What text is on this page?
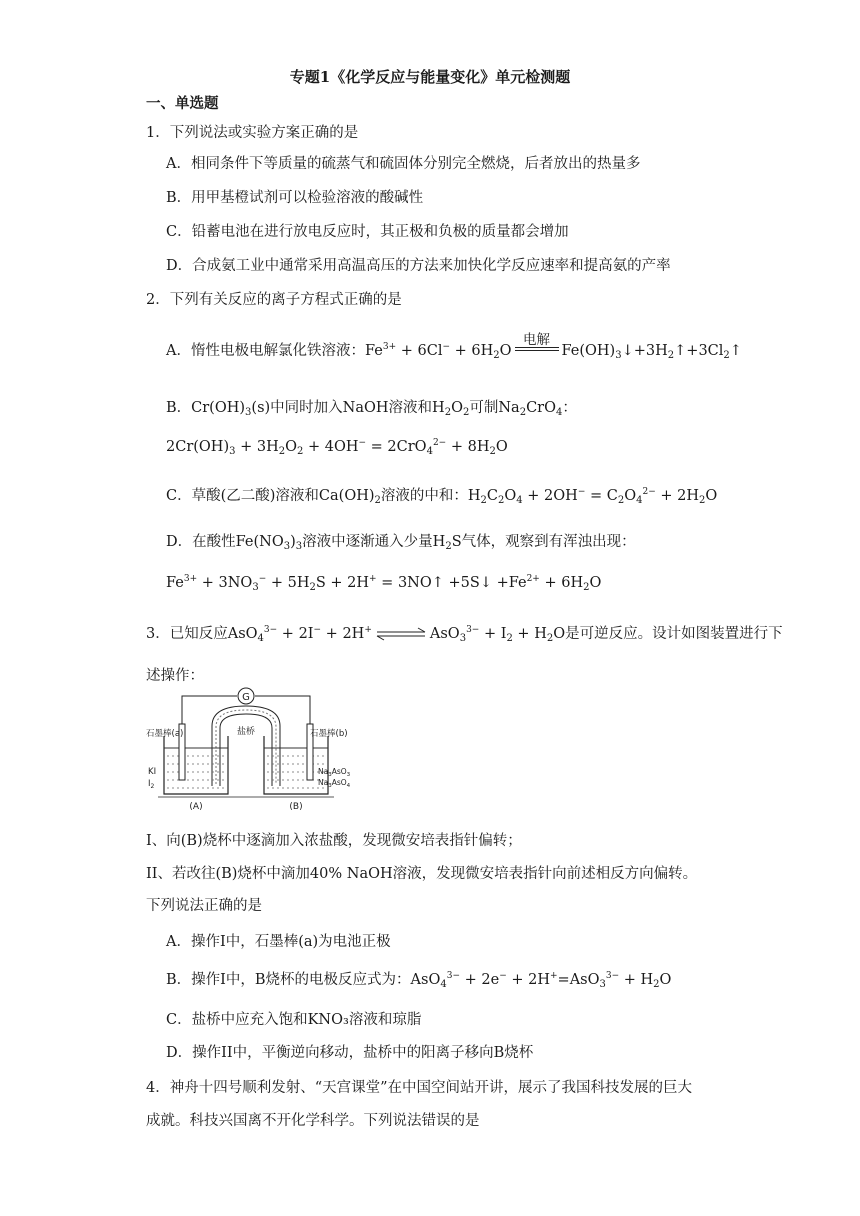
专题1《化学反应与能量变化》单元检测题
一、单选题
1．下列说法或实验方案正确的是
A．相同条件下等质量的硫蒸气和硫固体分别完全燃烧，后者放出的热量多
B．用甲基橙试剂可以检验溶液的酸碱性
C．铅蓄电池在进行放电反应时，其正极和负极的质量都会增加
D．合成氨工业中通常采用高温高压的方法来加快化学反应速率和提高氨的产率
2．下列有关反应的离子方程式正确的是
A．惰性电极电解氯化铁溶液：$Fe^{3+} + 6Cl^- + 6H_2O$
电解
$Fe(OH)_3↓+3H_2↑+3Cl_2↑$
B．$Cr(OH)_3(s)$中同时加入NaOH溶液和$H_2O_2$可制$Na_2CrO_4$：
$2Cr(OH)_3 + 3H_2O_2 + 4OH^- = 2CrO_4^{2-} + 8H_2O$
C．草酸(乙二酸)溶液和$Ca(OH)_2$溶液的中和：$H_2C_2O_4 + 2OH^- = C_2O_4^{2-} + 2H_2O$
D．在酸性$Fe(NO_3)_3$溶液中逐渐通入少量$H_2S$气体，观察到有浑浊出现：
$Fe^{3+} + 3NO_3^- + 5H_2S + 2H^+$ = 3NO↑ +5S↓ $+Fe^{2+} + 6H_2O$
3．已知反应AsO$_4^{3-}$ + 2I− + 2H+ ⇌ $AsO_3^{3-} + I_2 + H_2O$是可逆反应。设计如图装置进行下
述操作：
G
盐桥
石墨棒(a)	石墨棒(b)
KI
$I_2$
$Na_3AsO_3$
$Na_3AsO_4$
(A)	(B)
I、向(B)烧杯中逐滴加入浓盐酸，发现微安培表指针偏转；
II、若改往(B)烧杯中滴加40% NaOH溶液，发现微安培表指针向前述相反方向偏转。
下列说法正确的是
A．操作I中，石墨棒(a)为电池正极
B．操作I中，B烧杯的电极反应式为：$AsO_4^{3-} + 2e^- + 2H^+=AsO_3^{3-} + H_2O$
C．盐桥中应充入饱和KNO₃溶液和琼脂
D．操作II中，平衡逆向移动，盐桥中的阳离子移向B烧杯
4．神舟十四号顺利发射、“天宫课堂”在中国空间站开讲，展示了我国科技发展的巨大
成就。科技兴国离不开化学科学。下列说法错误的是
